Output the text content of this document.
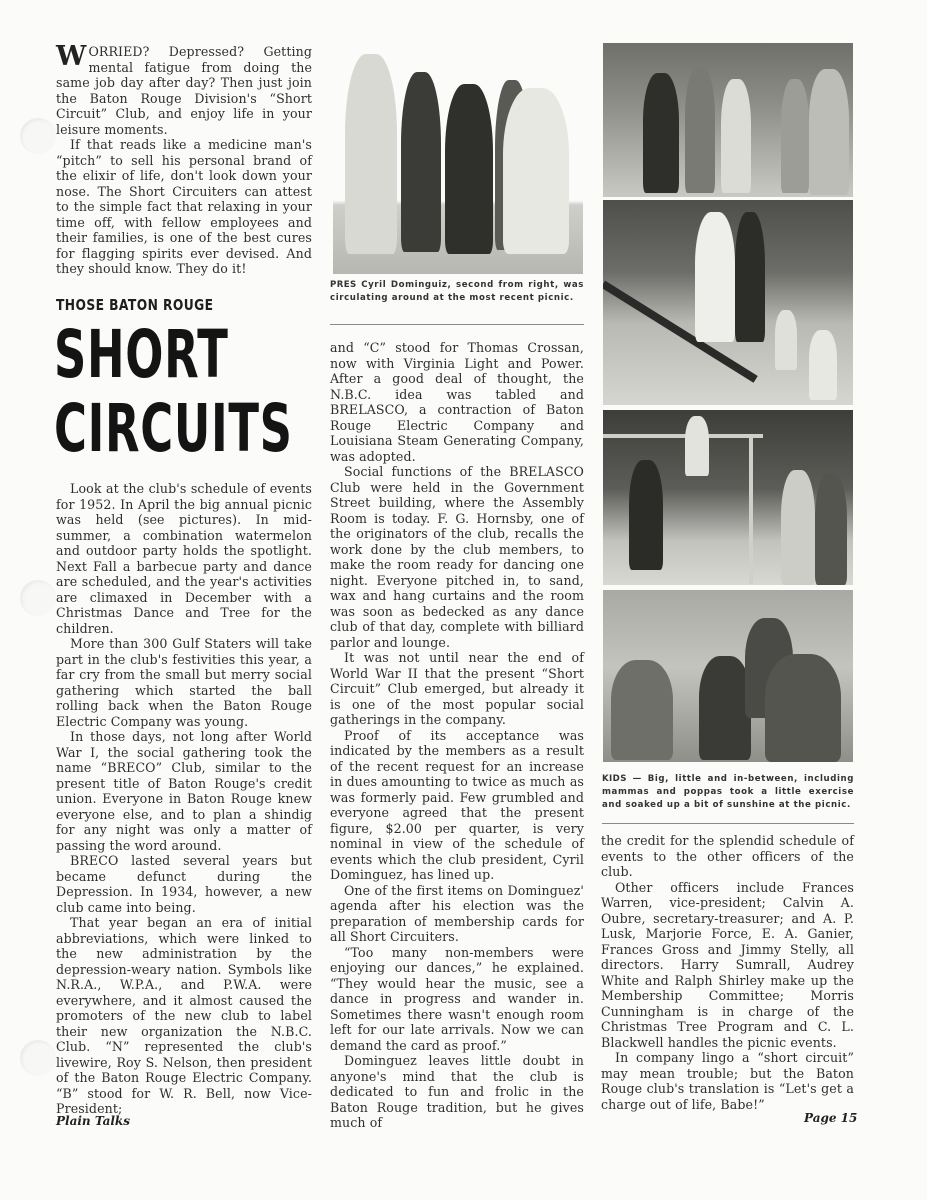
WORRIED? Depressed? Getting mental fatigue from doing the same job day after day? Then just join the Baton Rouge Division's “Short Circuit” Club, and enjoy life in your leisure moments.

If that reads like a medicine man's “pitch” to sell his personal brand of the elixir of life, don't look down your nose. The Short Circuiters can attest to the simple fact that relaxing in your time off, with fellow employees and their families, is one of the best cures for flagging spirits ever devised. And they should know. They do it!

THOSE BATON ROUGE
SHORT
CIRCUITS

Look at the club's schedule of events for 1952. In April the big annual picnic was held (see pictures). In mid-summer, a combination watermelon and outdoor party holds the spotlight. Next Fall a barbecue party and dance are scheduled, and the year's activities are climaxed in December with a Christmas Dance and Tree for the children.

More than 300 Gulf Staters will take part in the club's festivities this year, a far cry from the small but merry social gathering which started the ball rolling back when the Baton Rouge Electric Company was young.

In those days, not long after World War I, the social gathering took the name “BRECO” Club, similar to the present title of Baton Rouge's credit union. Everyone in Baton Rouge knew everyone else, and to plan a shindig for any night was only a matter of passing the word around.

BRECO lasted several years but became defunct during the Depression. In 1934, however, a new club came into being.

That year began an era of initial abbreviations, which were linked to the new administration by the depression-weary nation. Symbols like N.R.A., W.P.A., and P.W.A. were everywhere, and it almost caused the promoters of the new club to label their new organization the N.B.C. Club. “N” represented the club's livewire, Roy S. Nelson, then president of the Baton Rouge Electric Company. “B” stood for W. R. Bell, now Vice-President;

PRES Cyril Dominguiz, second from right, was circulating around at the most recent picnic.

and “C” stood for Thomas Crossan, now with Virginia Light and Power. After a good deal of thought, the N.B.C. idea was tabled and BRELASCO, a contraction of Baton Rouge Electric Company and Louisiana Steam Generating Company, was adopted.

Social functions of the BRELASCO Club were held in the Government Street building, where the Assembly Room is today. F. G. Hornsby, one of the originators of the club, recalls the work done by the club members, to make the room ready for dancing one night. Everyone pitched in, to sand, wax and hang curtains and the room was soon as bedecked as any dance club of that day, complete with billiard parlor and lounge.

It was not until near the end of World War II that the present “Short Circuit” Club emerged, but already it is one of the most popular social gatherings in the company.

Proof of its acceptance was indicated by the members as a result of the recent request for an increase in dues amounting to twice as much as was formerly paid. Few grumbled and everyone agreed that the present figure, $2.00 per quarter, is very nominal in view of the schedule of events which the club president, Cyril Dominguez, has lined up.

One of the first items on Dominguez' agenda after his election was the preparation of membership cards for all Short Circuiters.

“Too many non-members were enjoying our dances,” he explained. “They would hear the music, see a dance in progress and wander in. Sometimes there wasn't enough room left for our late arrivals. Now we can demand the card as proof.”

Dominguez leaves little doubt in anyone's mind that the club is dedicated to fun and frolic in the Baton Rouge tradition, but he gives much of

KIDS — Big, little and in-between, including mammas and poppas took a little exercise and soaked up a bit of sunshine at the picnic.

the credit for the splendid schedule of events to the other officers of the club.

Other officers include Frances Warren, vice-president; Calvin A. Oubre, secretary-treasurer; and A. P. Lusk, Marjorie Force, E. A. Ganier, Frances Gross and Jimmy Stelly, all directors. Harry Sumrall, Audrey White and Ralph Shirley make up the Membership Committee; Morris Cunningham is in charge of the Christmas Tree Program and C. L. Blackwell handles the picnic events.

In company lingo a “short circuit” may mean trouble; but the Baton Rouge club's translation is “Let's get a charge out of life, Babe!”

Plain Talks	Page 15
